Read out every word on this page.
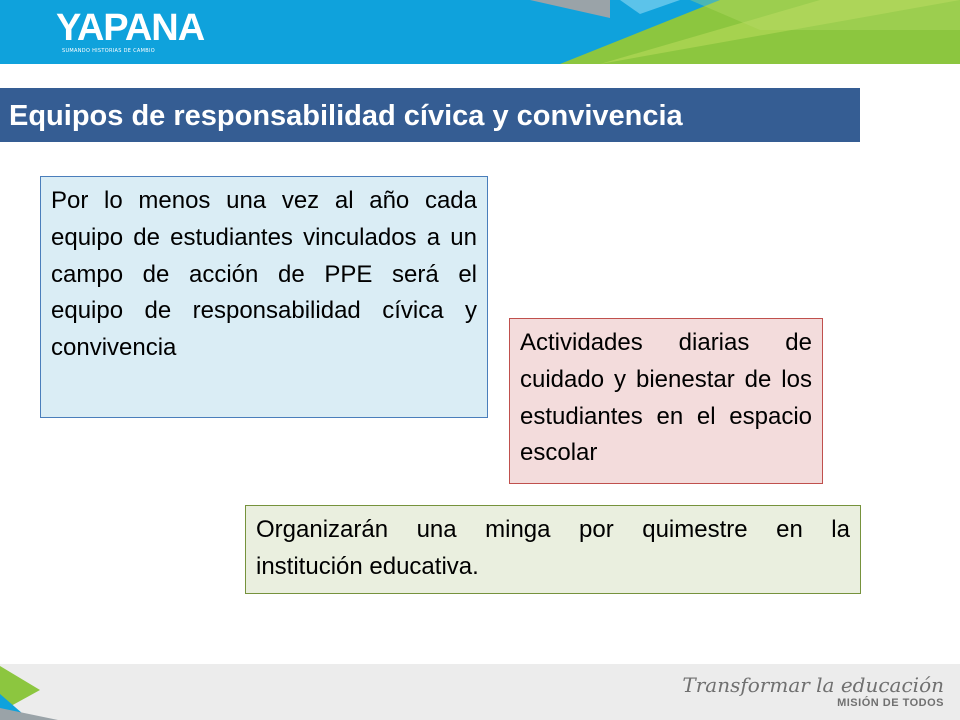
YAPANA
SUMANDO HISTORIAS DE CAMBIO
Equipos de responsabilidad cívica y convivencia

Por lo menos una vez al año cada equipo de estudiantes vinculados a un campo de acción de PPE será el equipo de responsabilidad cívica y convivencia	Actividades diarias de cuidado y bienestar de los estudiantes en el espacio escolar

Organizarán una minga por quimestre en la
institución educativa.

Transformar la educación
MISIÓN DE TODOS
